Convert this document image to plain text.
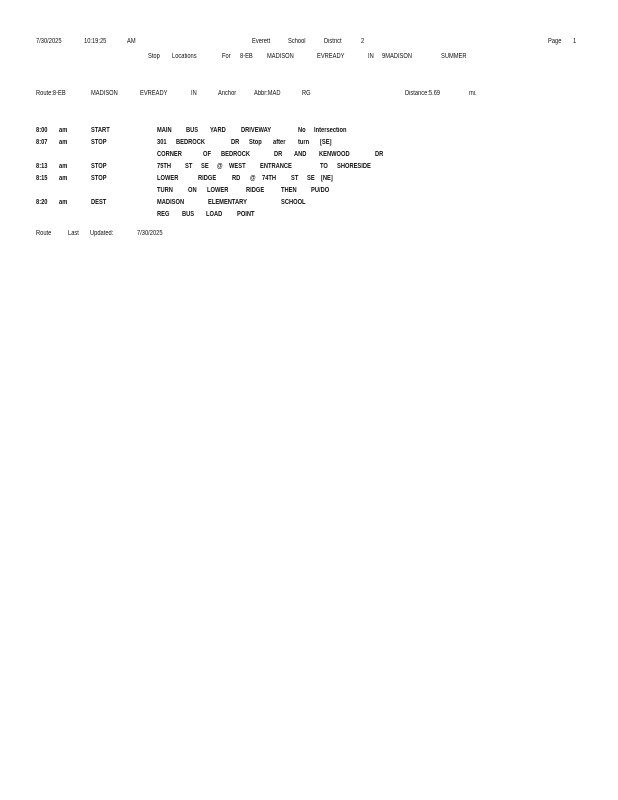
7/30/2025	10:19:25	AM	Everett	School	District	2	Page 1
Stop Locations	For 8-EB MADISON	EVREADY	IN 9MADISON	SUMMER
Route:8-EB	MADISON	EVREADY	IN	Anchor	Abbr:MAD	RG	Distance:5.69	mi.
8:00 am	START	MAIN BUS YARD DRIVEWAY	No Intersection
8:07 am	STOP	301 BEDROCK	DR Stop after turn [SE]
CORNER	OF BEDROCK	DR AND KENWOOD	DR
8:13 am	STOP	75TH ST SE @ WEST ENTRANCE	TO SHORESIDE
8:15 am	STOP	LOWER	RIDGE RD @ 74TH ST SE [NE]
TURN ON LOWER	RIDGE THEN PU/DO
8:20 am	DEST	MADISON	ELEMENTARY	SCHOOL
REG BUS LOAD POINT
Route Last Updated:	7/30/2025
